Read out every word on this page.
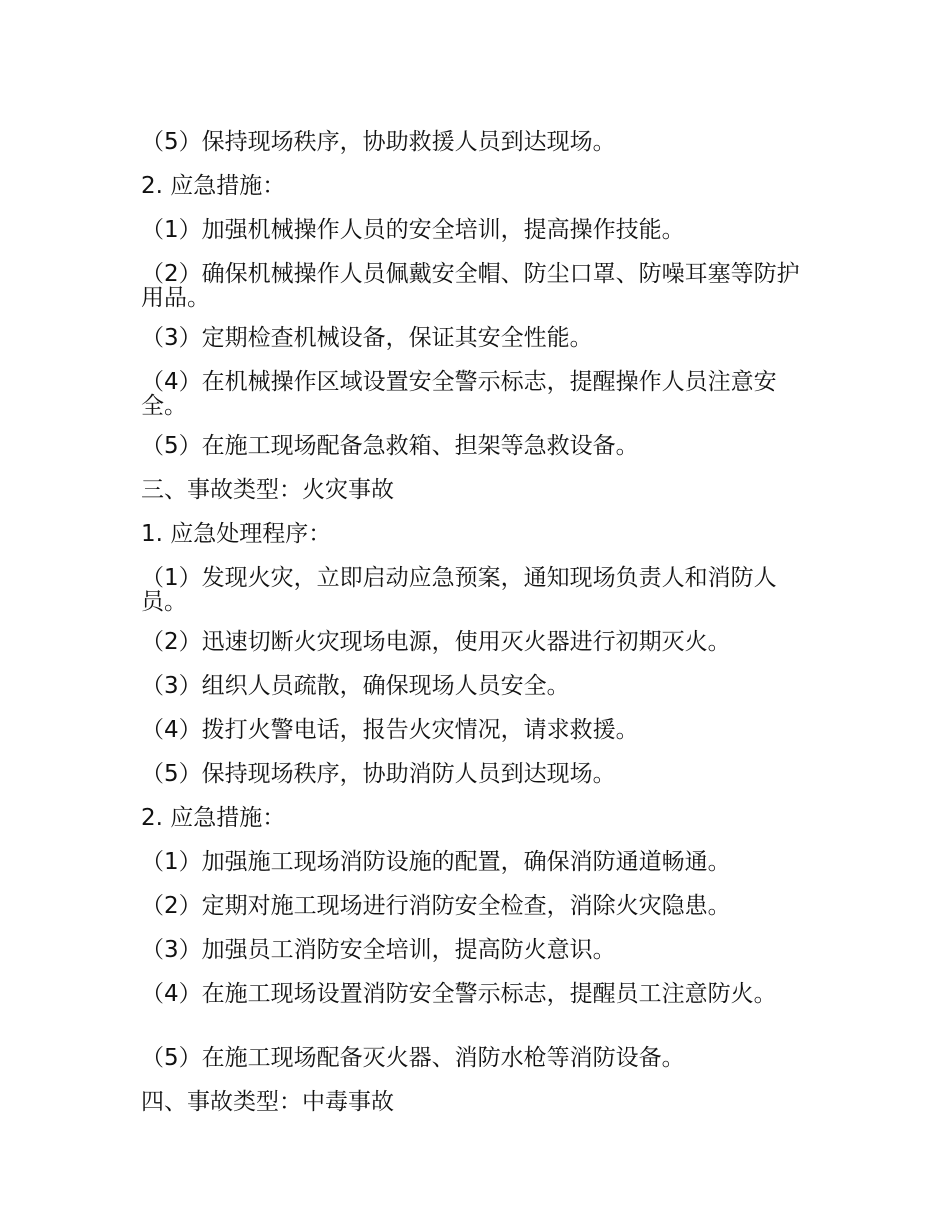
（5）保持现场秩序，协助救援人员到达现场。
2. 应急措施：
（1）加强机械操作人员的安全培训，提高操作技能。
（2）确保机械操作人员佩戴安全帽、防尘口罩、防噪耳塞等防护用品。
（3）定期检查机械设备，保证其安全性能。
（4）在机械操作区域设置安全警示标志，提醒操作人员注意安全。
（5）在施工现场配备急救箱、担架等急救设备。
三、事故类型：火灾事故
1. 应急处理程序：
（1）发现火灾，立即启动应急预案，通知现场负责人和消防人员。
（2）迅速切断火灾现场电源，使用灭火器进行初期灭火。
（3）组织人员疏散，确保现场人员安全。
（4）拨打火警电话，报告火灾情况，请求救援。
（5）保持现场秩序，协助消防人员到达现场。
2. 应急措施：
（1）加强施工现场消防设施的配置，确保消防通道畅通。
（2）定期对施工现场进行消防安全检查，消除火灾隐患。
（3）加强员工消防安全培训，提高防火意识。
（4）在施工现场设置消防安全警示标志，提醒员工注意防火。
（5）在施工现场配备灭火器、消防水枪等消防设备。
四、事故类型：中毒事故
